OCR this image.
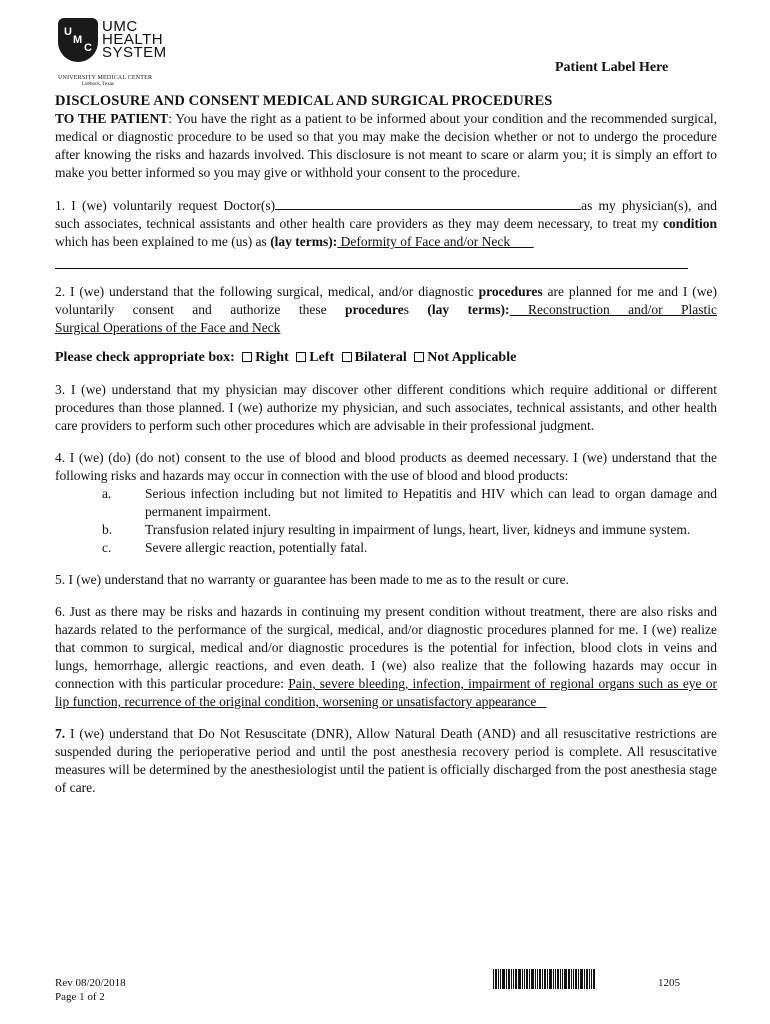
U
M
C
UMC
HEALTH
SYSTEM
UNIVERSITY MEDICAL CENTER
Lubbock, Texas
Patient Label Here
DISCLOSURE AND CONSENT MEDICAL AND SURGICAL PROCEDURES

TO THE PATIENT: You have the right as a patient to be informed about your condition and the recommended surgical, medical or diagnostic procedure to be used so that you may make the decision whether or not to undergo the procedure after knowing the risks and hazards involved. This disclosure is not meant to scare or alarm you; it is simply an effort to make you better informed so you may give or withhold your consent to the procedure.

1. I (we) voluntarily request Doctor(s)	as my physician(s), and such associates, technical assistants and other health care providers as they may deem necessary, to treat my condition which has been explained to me (us) as (lay terms): Deformity of Face and/or Neck

2. I (we) understand that the following surgical, medical, and/or diagnostic procedures are planned for me and I (we) voluntarily consent and authorize these procedures (lay terms): Reconstruction and/or Plastic Surgical Operations of the Face and Neck

Please check appropriate box: Right Left Bilateral Not Applicable

3. I (we) understand that my physician may discover other different conditions which require additional or different procedures than those planned. I (we) authorize my physician, and such associates, technical assistants, and other health care providers to perform such other procedures which are advisable in their professional judgment.

4. I (we) (do) (do not) consent to the use of blood and blood products as deemed necessary. I (we) understand that the following risks and hazards may occur in connection with the use of blood and blood products:

a.	Serious infection including but not limited to Hepatitis and HIV which can lead to organ damage and permanent impairment.
b.	Transfusion related injury resulting in impairment of lungs, heart, liver, kidneys and immune system.
c.	Severe allergic reaction, potentially fatal.

5. I (we) understand that no warranty or guarantee has been made to me as to the result or cure.

6. Just as there may be risks and hazards in continuing my present condition without treatment, there are also risks and hazards related to the performance of the surgical, medical, and/or diagnostic procedures planned for me. I (we) realize that common to surgical, medical and/or diagnostic procedures is the potential for infection, blood clots in veins and lungs, hemorrhage, allergic reactions, and even death. I (we) also realize that the following hazards may occur in connection with this particular procedure: Pain, severe bleeding, infection, impairment of regional organs such as eye or lip function, recurrence of the original condition, worsening or unsatisfactory appearance

7. I (we) understand that Do Not Resuscitate (DNR), Allow Natural Death (AND) and all resuscitative restrictions are suspended during the perioperative period and until the post anesthesia recovery period is complete. All resuscitative measures will be determined by the anesthesiologist until the patient is officially discharged from the post anesthesia stage of care.

Rev 08/20/2018
Page 1 of 2
1205
